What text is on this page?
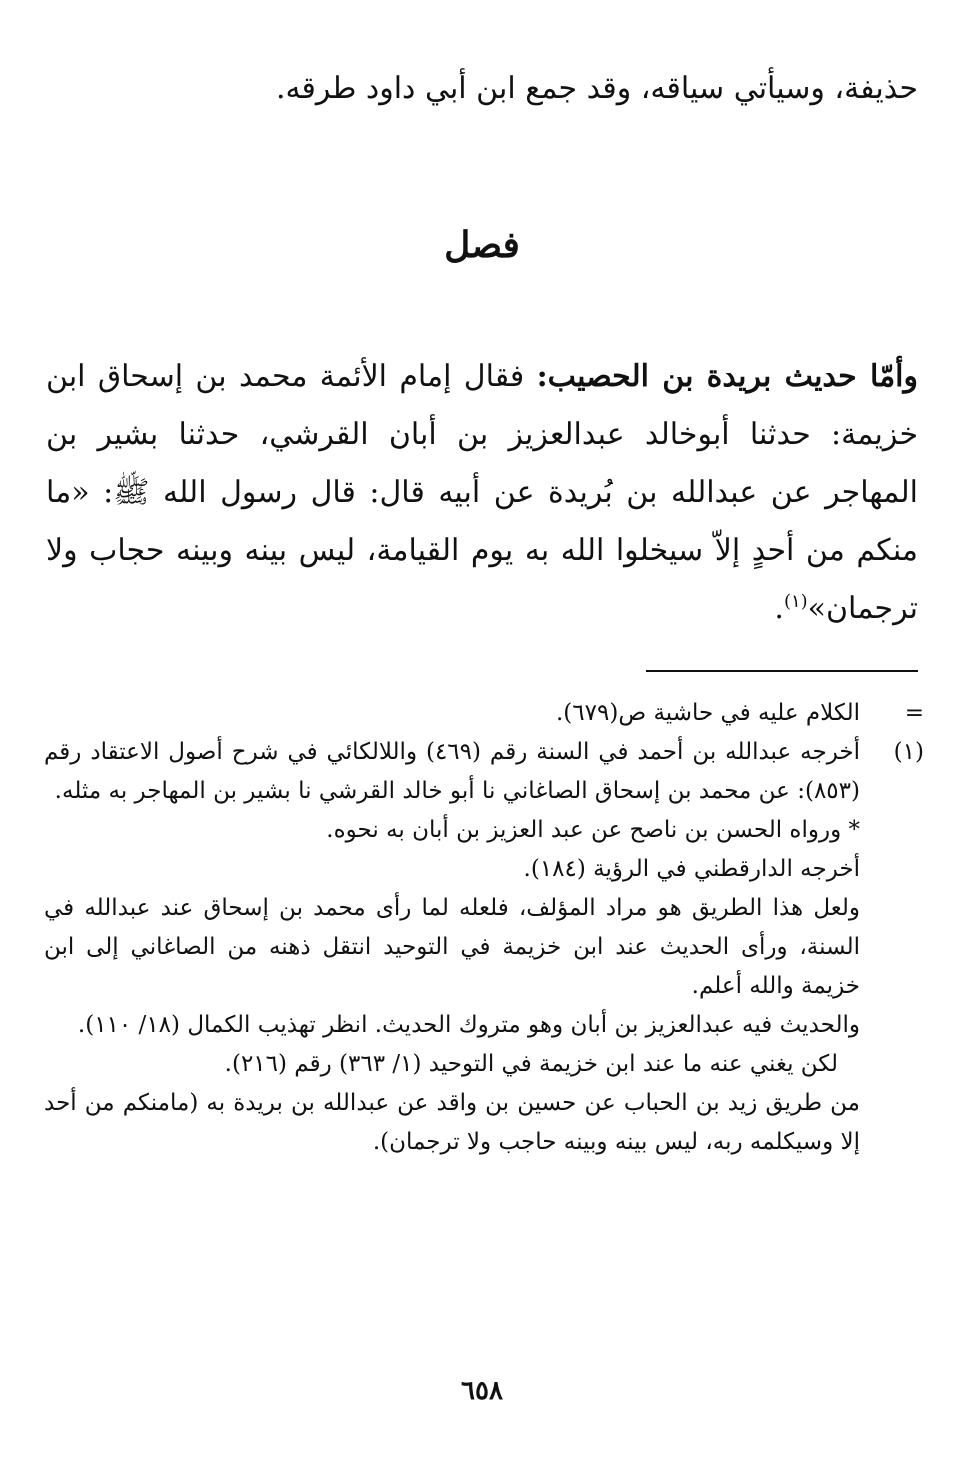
حذيفة، وسيأتي سياقه، وقد جمع ابن أبي داود طرقه.
فصل
وأمّا حديث بريدة بن الحصيب: فقال إمام الأئمة محمد بن إسحاق ابن خزيمة: حدثنا أبوخالد عبدالعزيز بن أبان القرشي، حدثنا بشير بن المهاجر عن عبدالله بن بُريدة عن أبيه قال: قال رسول الله ﷺ: «ما منكم من أحدٍ إلاّ سيخلوا الله به يوم القيامة، ليس بينه وبينه حجاب ولا ترجمان»$^{(١)}$.
=

الكلام عليه في حاشية ص(٦٧٩).

(١)

أخرجه عبدالله بن أحمد في السنة رقم (٤٦٩) واللالكائي في شرح أصول الاعتقاد رقم (٨٥٣): عن محمد بن إسحاق الصاغاني نا أبو خالد القرشي نا بشير بن المهاجر به مثله.

* ورواه الحسن بن ناصح عن عبد العزيز بن أبان به نحوه.

أخرجه الدارقطني في الرؤية (١٨٤).

ولعل هذا الطريق هو مراد المؤلف، فلعله لما رأى محمد بن إسحاق عند عبدالله في السنة، ورأى الحديث عند ابن خزيمة في التوحيد انتقل ذهنه من الصاغاني إلى ابن خزيمة والله أعلم.

والحديث فيه عبدالعزيز بن أبان وهو متروك الحديث. انظر تهذيب الكمال (١٨/ ١١٠).

لكن يغني عنه ما عند ابن خزيمة في التوحيد (١/ ٣٦٣) رقم (٢١٦).

من طريق زيد بن الحباب عن حسين بن واقد عن عبدالله بن بريدة به (مامنكم من أحد إلا وسيكلمه ربه، ليس بينه وبينه حاجب ولا ترجمان).

٦٥٨
